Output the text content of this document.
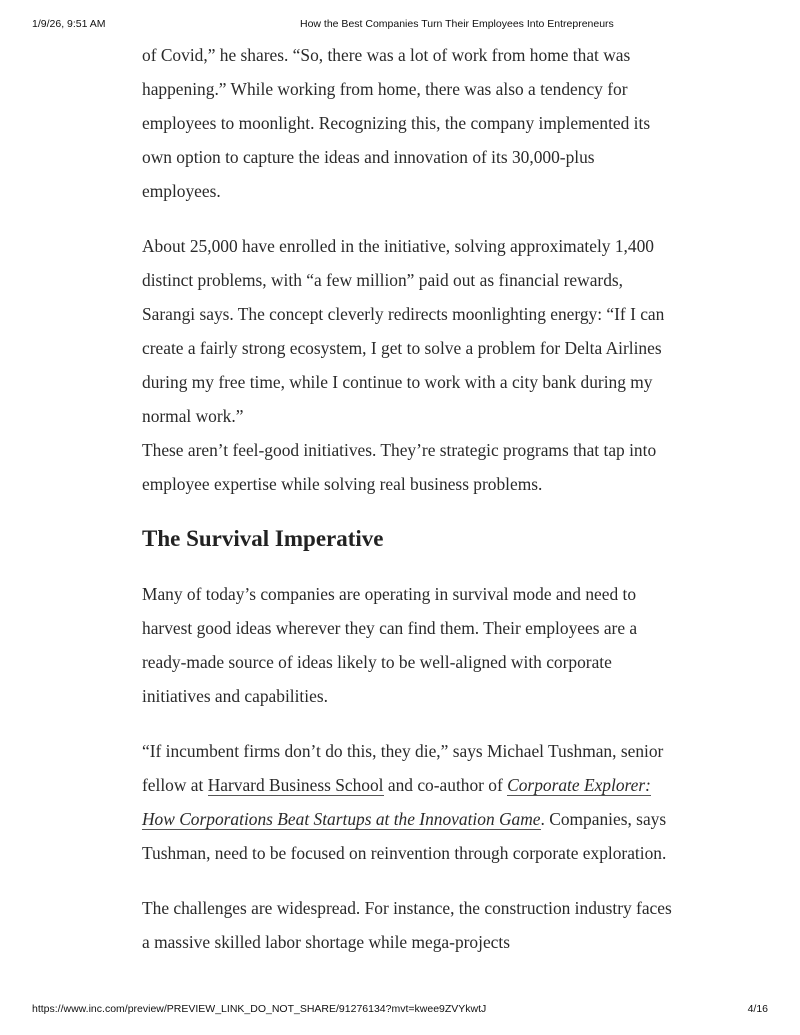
1/9/26, 9:51 AM	How the Best Companies Turn Their Employees Into Entrepreneurs

of Covid,” he shares. “So, there was a lot of work from home that was happening.” While working from home, there was also a tendency for employees to moonlight. Recognizing this, the company implemented its own option to capture the ideas and innovation of its 30,000-plus employees.

About 25,000 have enrolled in the initiative, solving approximately 1,400 distinct problems, with “a few million” paid out as financial rewards, Sarangi says. The concept cleverly redirects moonlighting energy: “If I can create a fairly strong ecosystem, I get to solve a problem for Delta Airlines during my free time, while I continue to work with a city bank during my normal work.”

These aren’t feel-good initiatives. They’re strategic programs that tap into employee expertise while solving real business problems.

The Survival Imperative

Many of today’s companies are operating in survival mode and need to harvest good ideas wherever they can find them. Their employees are a ready-made source of ideas likely to be well-aligned with corporate initiatives and capabilities.

“If incumbent firms don’t do this, they die,” says Michael Tushman, senior fellow at Harvard Business School and co-author of Corporate Explorer: How Corporations Beat Startups at the Innovation Game. Companies, says Tushman, need to be focused on reinvention through corporate exploration.

The challenges are widespread. For instance, the construction industry faces a massive skilled labor shortage while mega-projects

https://www.inc.com/preview/PREVIEW_LINK_DO_NOT_SHARE/91276134?mvt=kwee9ZVYkwtJ	4/16
